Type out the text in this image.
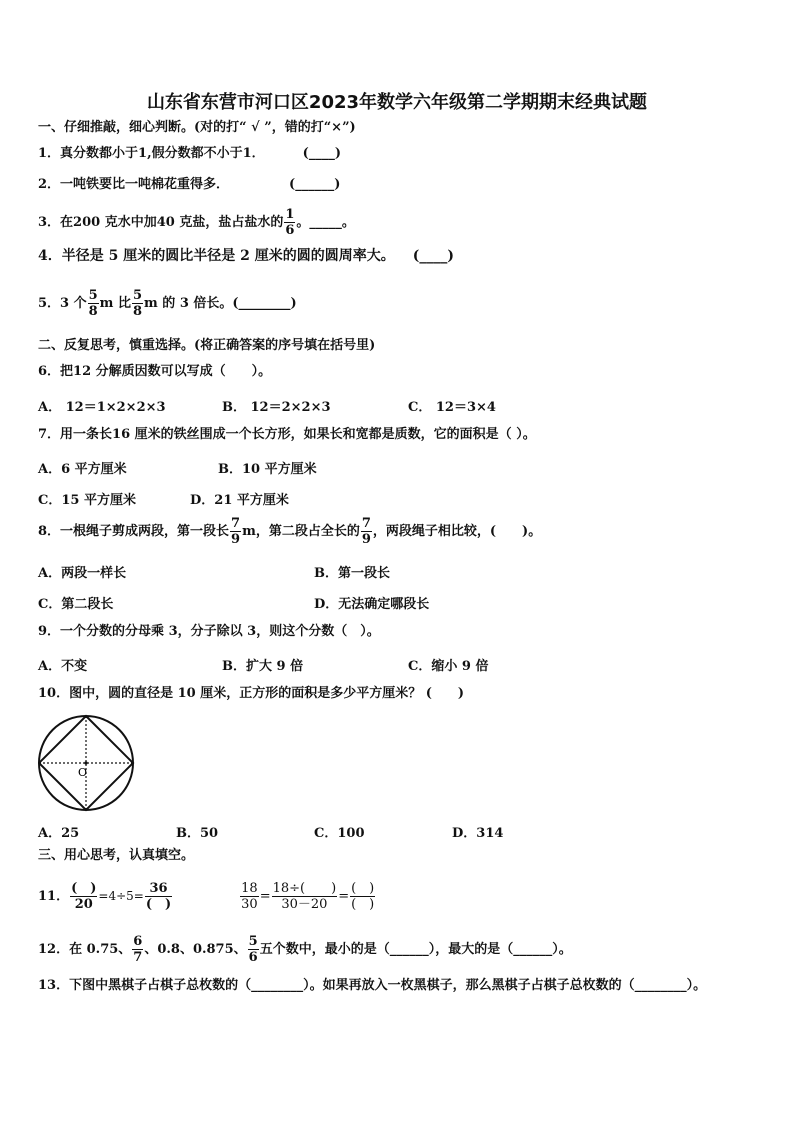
山东省东营市河口区2023年数学六年级第二学期期末经典试题
一、仔细推敲，细心判断。(对的打“ √ ”，错的打“×”)
1．真分数都小于1,假分数都不小于1．	(____)
2．一吨铁要比一吨棉花重得多．	(______)
3．在200 克水中加40 克盐，盐占盐水的 $\frac{1}{6}$ 。_____。
4．半径是 5 厘米的圆比半径是 2 厘米的圆的圆周率大。 (____)
5．3 个 $\frac{5}{8}$ m 比 $\frac{5}{8}$ m 的 3 倍长。(________)
二、反复思考，慎重选择。(将正确答案的序号填在括号里)
6．把12 分解质因数可以写成（　　）。
A． 12＝1×2×2×3	B． 12＝2×2×3	C． 12＝3×4
7．用一条长16 厘米的铁丝围成一个长方形，如果长和宽都是质数，它的面积是（ ）。
A．6 平方厘米	B．10 平方厘米
C．15 平方厘米	D．21 平方厘米
8．一根绳子剪成两段，第一段长 $\frac{7}{9}$ m，第二段占全长的 $\frac{7}{9}$ ，两段绳子相比较，(　　)。
A．两段一样长	B．第一段长
C．第二段长	D．无法确定哪段长
9．一个分数的分母乘 3，分子除以 3，则这个分数（　）。
A．不变	B．扩大 9 倍	C．缩小 9 倍
10．图中，圆的直径是 10 厘米，正方形的面积是多少平方厘米？ (　　)
O
A．25	B．50	C．100	D．314
三、用心思考，认真填空。
11． $\frac{( )}{20} =4\div 5= \frac{36}{( )}$	$\frac{18}{30} = \frac{18\div( )}{30-20} = \frac{( )}{( )}$
12．在 0.75、 $\frac{6}{7}$ 、0.8、0.875、 $\frac{5}{6}$ 五个数中，最小的是（______），最大的是（______）。
13．下图中黑棋子占棋子总枚数的（________）。如果再放入一枚黑棋子，那么黑棋子占棋子总枚数的（________）。
